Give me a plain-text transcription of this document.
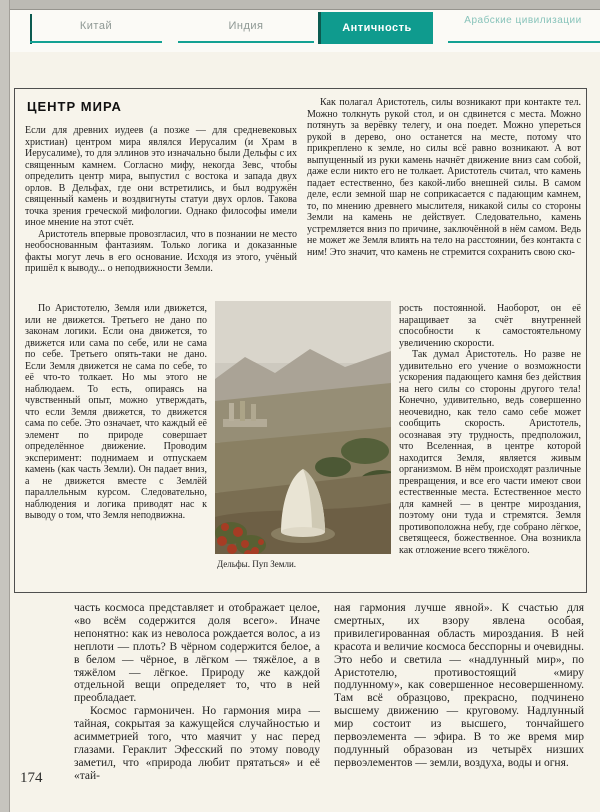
Китай	Индия	Античность
Арабские цивилизации
ЦЕНТР МИРА

Если для древних иудеев (а позже — для средневековых христиан) центром мира являлся Иерусалим (и Храм в Иерусалиме), то для эллинов это изначально были Дельфы с их священным камнем. Согласно мифу, некогда Зевс, чтобы определить центр мира, выпустил с востока и запада двух орлов. В Дельфах, где они встретились, и был водружён священный камень и воздвигнуты статуи двух орлов. Такова точка зрения греческой мифологии. Однако философы имели иное мнение на этот счёт.

Аристотель впервые провозгласил, что в познании не место необоснованным фантазиям. Только логика и доказанные факты могут лечь в его основание. Исходя из этого, учёный пришёл к выводу... о неподвижности Земли.

Как полагал Аристотель, силы возникают при контакте тел. Можно толкнуть рукой стол, и он сдвинется с места. Можно потянуть за верёвку телегу, и она поедет. Можно упереться рукой в дерево, оно останется на месте, потому что прикреплено к земле, но силы всё равно возникают. А вот выпущенный из руки камень начнёт движение вниз сам собой, даже если никто его не толкает. Аристотель считал, что камень падает естественно, без какой-либо внешней силы. В самом деле, если земной шар не соприкасается с падающим камнем, то, по мнению древнего мыслителя, никакой силы со стороны Земли на камень не действует. Следовательно, камень устремляется вниз по причине, заключённой в нём самом. Ведь не может же Земля влиять на тело на расстоянии, без контакта с ним! Это значит, что камень не стремится сохранить свою ско-

Дельфы. Пуп Земли.

По Аристотелю, Земля или движется, или не движется. Третьего не дано по законам логики. Если она движется, то движется или сама по себе, или не сама по себе. Третьего опять-таки не дано. Если Земля движется не сама по себе, то её что-то толкает. Но мы этого не наблюдаем. То есть, опираясь на чувственный опыт, можно утверждать, что если Земля движется, то движется сама по себе. Это означает, что каждый её элемент по природе совершает определённое движение. Проводим эксперимент: поднимаем и отпускаем камень (как часть Земли). Он падает вниз, а не движется вместе с Землёй параллельным курсом. Следовательно, наблюдения и логика приводят нас к выводу о том, что Земля неподвижна.

рость постоянной. Наоборот, он её наращивает за счёт внутренней способности к самостоятельному увеличению скорости.

Так думал Аристотель. Но разве не удивительно его учение о возможности ускорения падающего камня без действия на него силы со стороны другого тела! Конечно, удивительно, ведь совершенно неочевидно, как тело само себе может сообщить скорость. Аристотель, осознавая эту трудность, предположил, что Вселенная, в центре которой находится Земля, является живым организмом. В нём происходят различные превращения, и все его части имеют свои естественные места. Естественное место для камней — в центре мироздания, поэтому они туда и стремятся. Земля противоположна небу, где собрано лёгкое, светящееся, божественное. Она возникла как отложение всего тяжёлого.

часть космоса представляет и отображает целое, «во всём содержится доля всего». Иначе непонятно: как из неволоса рождается волос, а из неплоти — плоть? В чёрном содержится белое, а в белом — чёрное, в лёгком — тяжёлое, а в тяжёлом — лёгкое. Природу же каждой отдельной вещи определяет то, что в ней преобладает.

Космос гармоничен. Но гармония мира — тайная, сокрытая за кажущейся случайностью и асимметрией того, что маячит у нас перед глазами. Гераклит Эфесский по этому поводу заметил, что «природа любит прятаться» и её «тай-

ная гармония лучше явной». К счастью для смертных, их взору явлена особая, привилегированная область мироздания. В ней красота и величие космоса бесспорны и очевидны. Это небо и светила — «надлунный мир», по Аристотелю, противостоящий «миру подлунному», как совершенное несовершенному. Там всё образцово, прекрасно, подчинено высшему движению — круговому. Надлунный мир состоит из высшего, тончайшего первоэлемента — эфира. В то же время мир подлунный образован из четырёх низших первоэлементов — земли, воздуха, воды и огня.

174
